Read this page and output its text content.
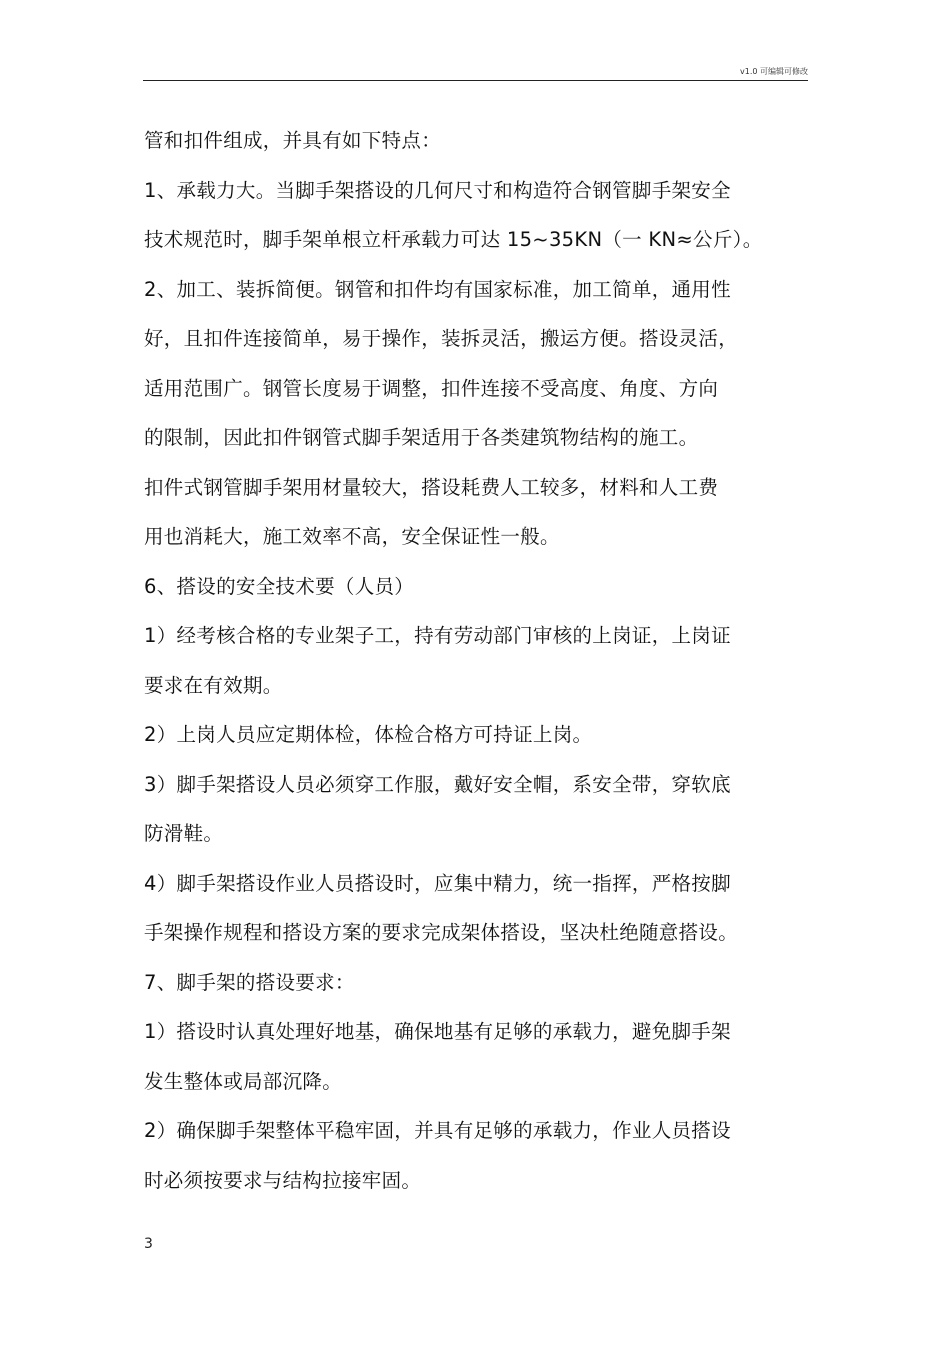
v1.0 可编辑可修改
管和扣件组成，并具有如下特点：
1、承载力大。当脚手架搭设的几何尺寸和构造符合钢管脚手架安全
技术规范时，脚手架单根立杆承载力可达 15~35KN（一 KN≈公斤）。
2、加工、装拆简便。钢管和扣件均有国家标准，加工简单，通用性
好，且扣件连接简单，易于操作，装拆灵活，搬运方便。搭设灵活，
适用范围广。钢管长度易于调整，扣件连接不受高度、角度、方向
的限制，因此扣件钢管式脚手架适用于各类建筑物结构的施工。
扣件式钢管脚手架用材量较大，搭设耗费人工较多，材料和人工费
用也消耗大，施工效率不高，安全保证性一般。
6、搭设的安全技术要（人员）
1）经考核合格的专业架子工，持有劳动部门审核的上岗证，上岗证
要求在有效期。
2）上岗人员应定期体检，体检合格方可持证上岗。
3）脚手架搭设人员必须穿工作服，戴好安全帽，系安全带，穿软底
防滑鞋。
4）脚手架搭设作业人员搭设时，应集中精力，统一指挥，严格按脚
手架操作规程和搭设方案的要求完成架体搭设，坚决杜绝随意搭设。
7、脚手架的搭设要求：
1）搭设时认真处理好地基，确保地基有足够的承载力，避免脚手架
发生整体或局部沉降。
2）确保脚手架整体平稳牢固，并具有足够的承载力，作业人员搭设
时必须按要求与结构拉接牢固。
3
